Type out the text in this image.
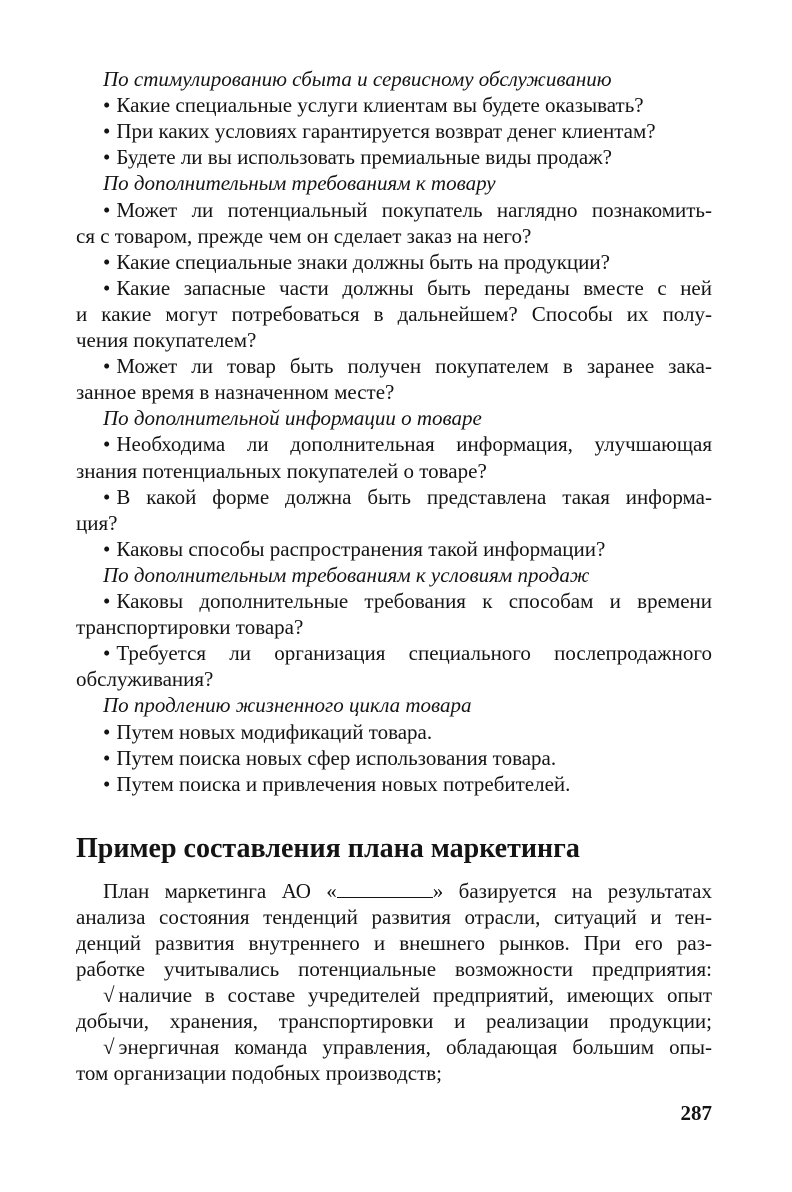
По стимулированию сбыта и сервисному обслуживанию
• Какие специальные услуги клиентам вы будете оказывать?
• При каких условиях гарантируется возврат денег клиентам?
• Будете ли вы использовать премиальные виды продаж?
По дополнительным требованиям к товару
• Может ли потенциальный покупатель наглядно познакомить-
ся с товаром, прежде чем он сделает заказ на него?
• Какие специальные знаки должны быть на продукции?
• Какие запасные части должны быть переданы вместе с ней
и какие могут потребоваться в дальнейшем? Способы их полу-
чения покупателем?
• Может ли товар быть получен покупателем в заранее зака-
занное время в назначенном месте?
По дополнительной информации о товаре
• Необходима ли дополнительная информация, улучшающая
знания потенциальных покупателей о товаре?
• В какой форме должна быть представлена такая информа-
ция?
• Каковы способы распространения такой информации?
По дополнительным требованиям к условиям продаж
• Каковы дополнительные требования к способам и времени
транспортировки товара?
• Требуется ли организация специального послепродажного
обслуживания?
По продлению жизненного цикла товара
• Путем новых модификаций товара.
• Путем поиска новых сфер использования товара.
• Путем поиска и привлечения новых потребителей.
Пример составления плана маркетинга
План маркетинга АО «	» базируется на результатах
анализа состояния тенденций развития отрасли, ситуаций и тен-
денций развития внутреннего и внешнего рынков. При его раз-
работке учитывались потенциальные возможности предприятия:
√ наличие в составе учредителей предприятий, имеющих опыт
добычи, хранения, транспортировки и реализации продукции;
√ энергичная команда управления, обладающая большим опы-
том организации подобных производств;
287
